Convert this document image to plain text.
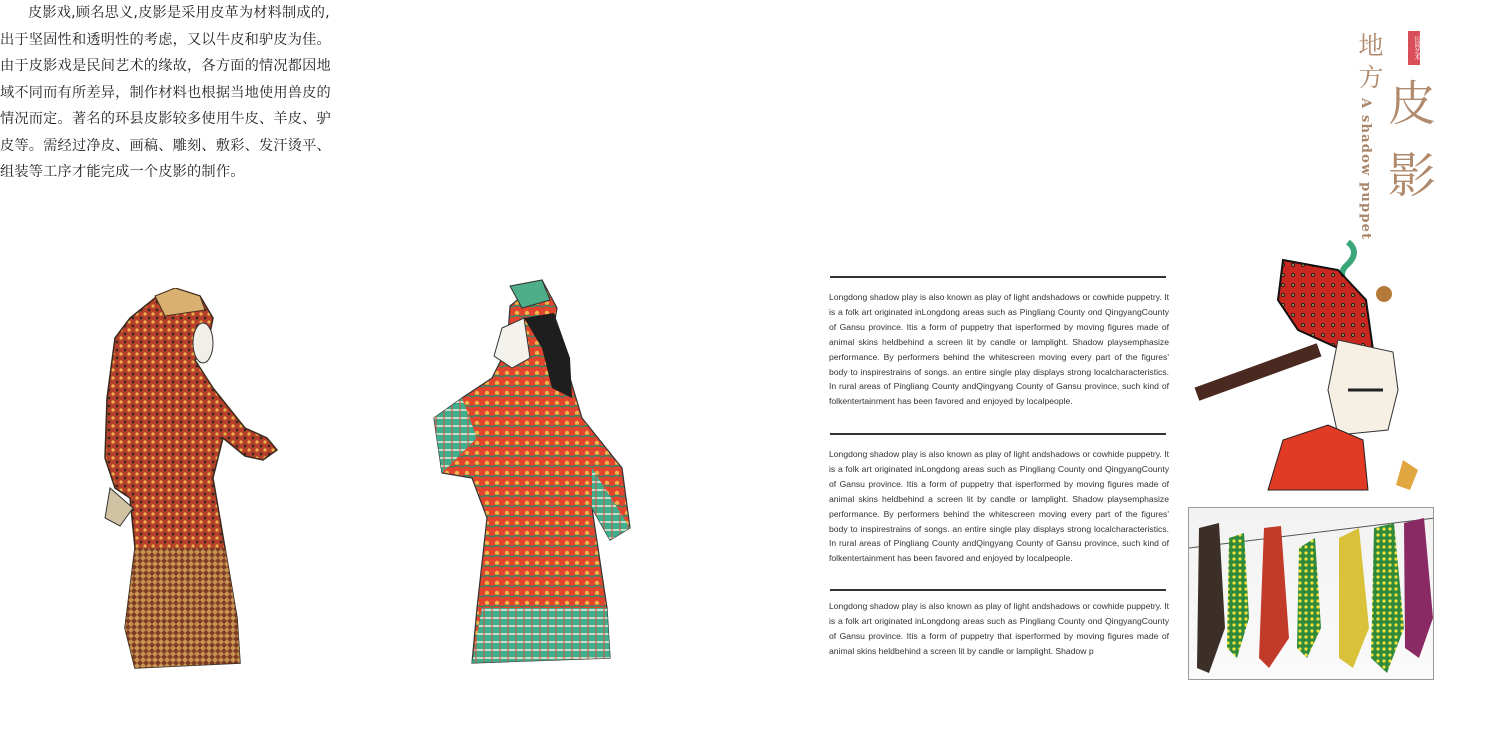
皮影戏,顾名思义,皮影是采用皮革为材料制成的,出于坚固性和透明性的考虑，又以牛皮和驴皮为佳。由于皮影戏是民间艺术的缘故，各方面的情况都因地域不同而有所差异，制作材料也根据当地使用兽皮的情况而定。著名的环县皮影较多使用牛皮、羊皮、驴皮等。需经过净皮、画稿、雕刻、敷彩、发汗烫平、组装等工序才能完成一个皮影的制作。
Longdong shadow play is also known as play of light andshadows or cowhide puppetry. It is a folk art originated inLongdong areas such as Pingliang County ond QingyangCounty of Gansu province. Itis a form of puppetry that isperformed by moving figures made of animal skins heldbehind a screen lit by candle or lamplight. Shadow playsemphasize performance. By performers behind the whitescreen moving every part of the figures' body to inspirestrains of songs. an entire single play displays strong localcharacteristics. In rural areas of Pingliang County andQingyang County of Gansu province, such kind of folkentertainment has been favored and enjoyed by localpeople.
Longdong shadow play is also known as play of light andshadows or cowhide puppetry. It is a folk art originated inLongdong areas such as Pingliang County ond QingyangCounty of Gansu province. Itis a form of puppetry that isperformed by moving figures made of animal skins heldbehind a screen lit by candle or lamplight. Shadow playsemphasize performance. By performers behind the whitescreen moving every part of the figures' body to inspirestrains of songs. an entire single play displays strong localcharacteristics. In rural areas of Pingliang County andQingyang County of Gansu province, such kind of folkentertainment has been favored and enjoyed by localpeople.
Longdong shadow play is also known as play of light andshadows or cowhide puppetry. It is a folk art originated inLongdong areas such as Pingliang County ond QingyangCounty of Gansu province. Itis a form of puppetry that isperformed by moving figures made of animal skins heldbehind a screen lit by candle or lamplight. Shadow p
地方 皮影
A shadow puppet
民间艺术
